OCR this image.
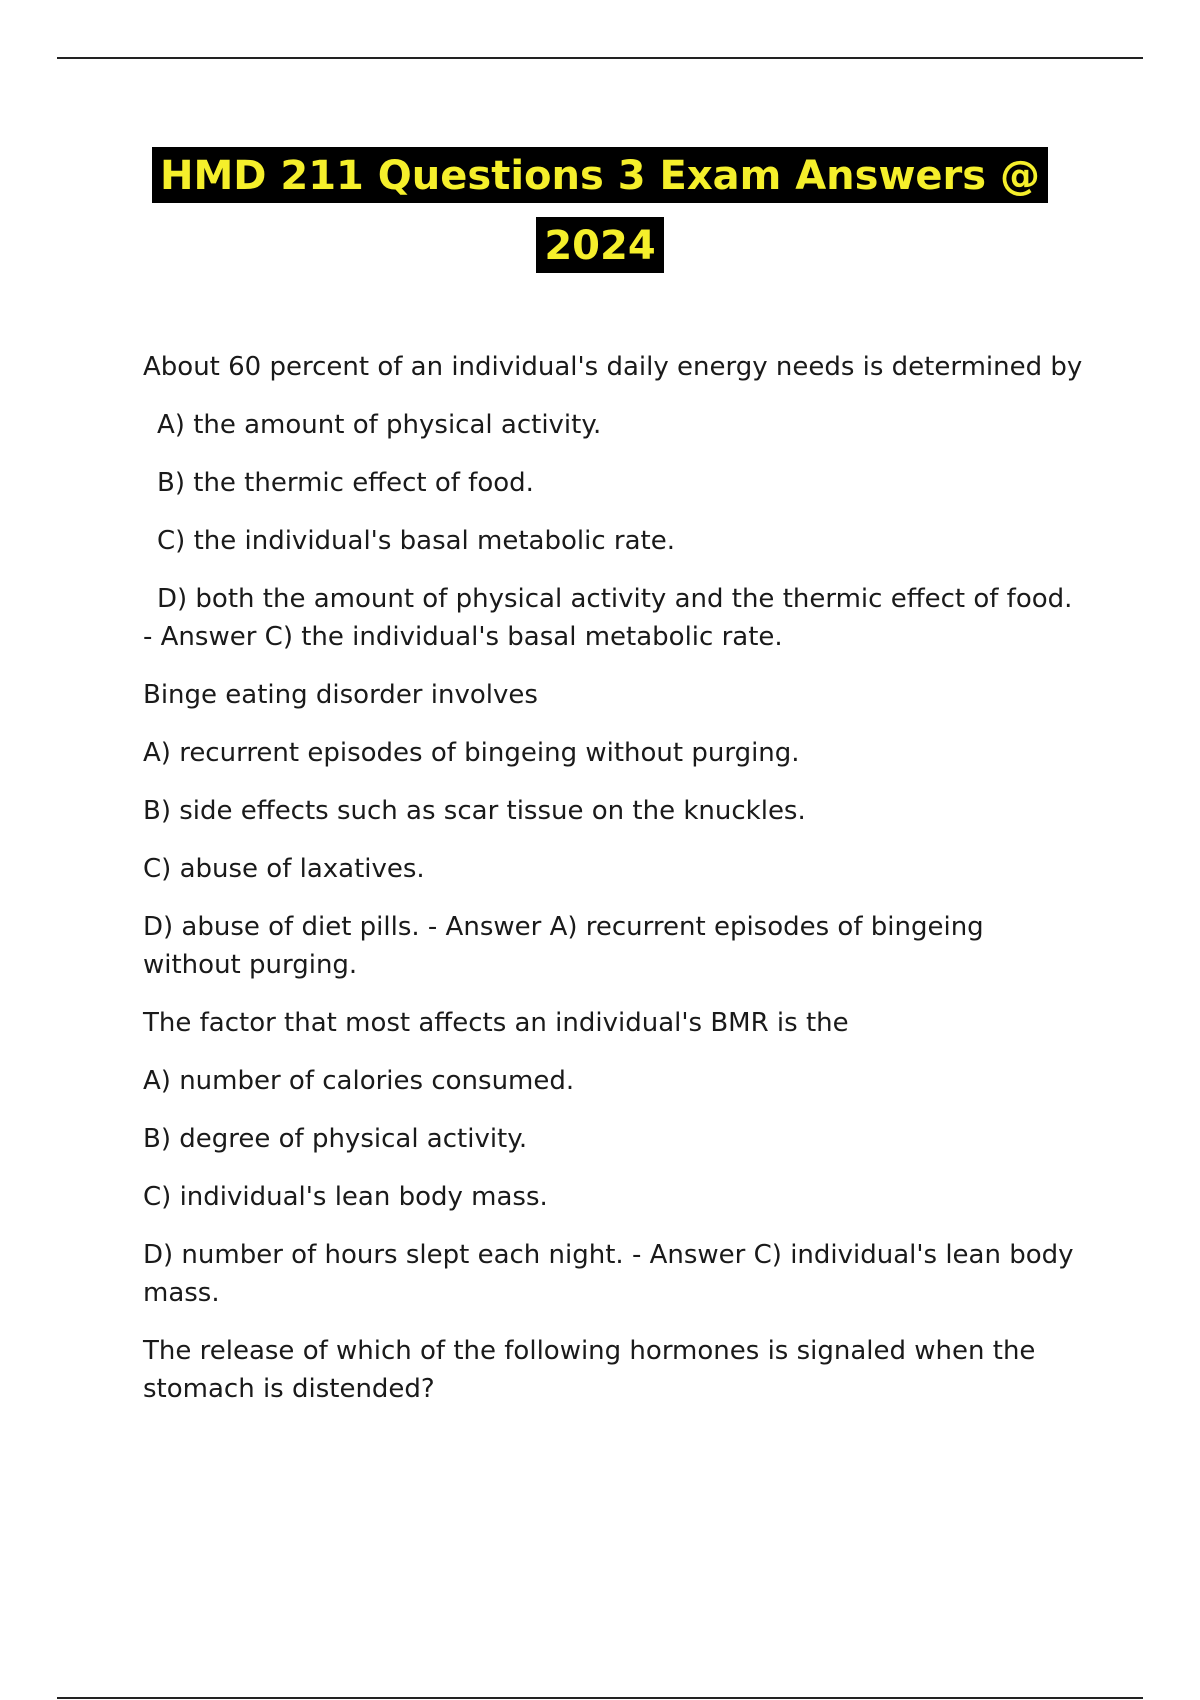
HMD 211 Questions 3 Exam Answers @
2024

About 60 percent of an individual's daily energy needs is determined by

A) the amount of physical activity.

B) the thermic effect of food.

C) the individual's basal metabolic rate.

D) both the amount of physical activity and the thermic effect of food. - Answer C) the individual's basal metabolic rate.

Binge eating disorder involves

A) recurrent episodes of bingeing without purging.

B) side effects such as scar tissue on the knuckles.

C) abuse of laxatives.

D) abuse of diet pills. - Answer A) recurrent episodes of bingeing without purging.

The factor that most affects an individual's BMR is the

A) number of calories consumed.

B) degree of physical activity.

C) individual's lean body mass.

D) number of hours slept each night. - Answer C) individual's lean body mass.

The release of which of the following hormones is signaled when the stomach is distended?
